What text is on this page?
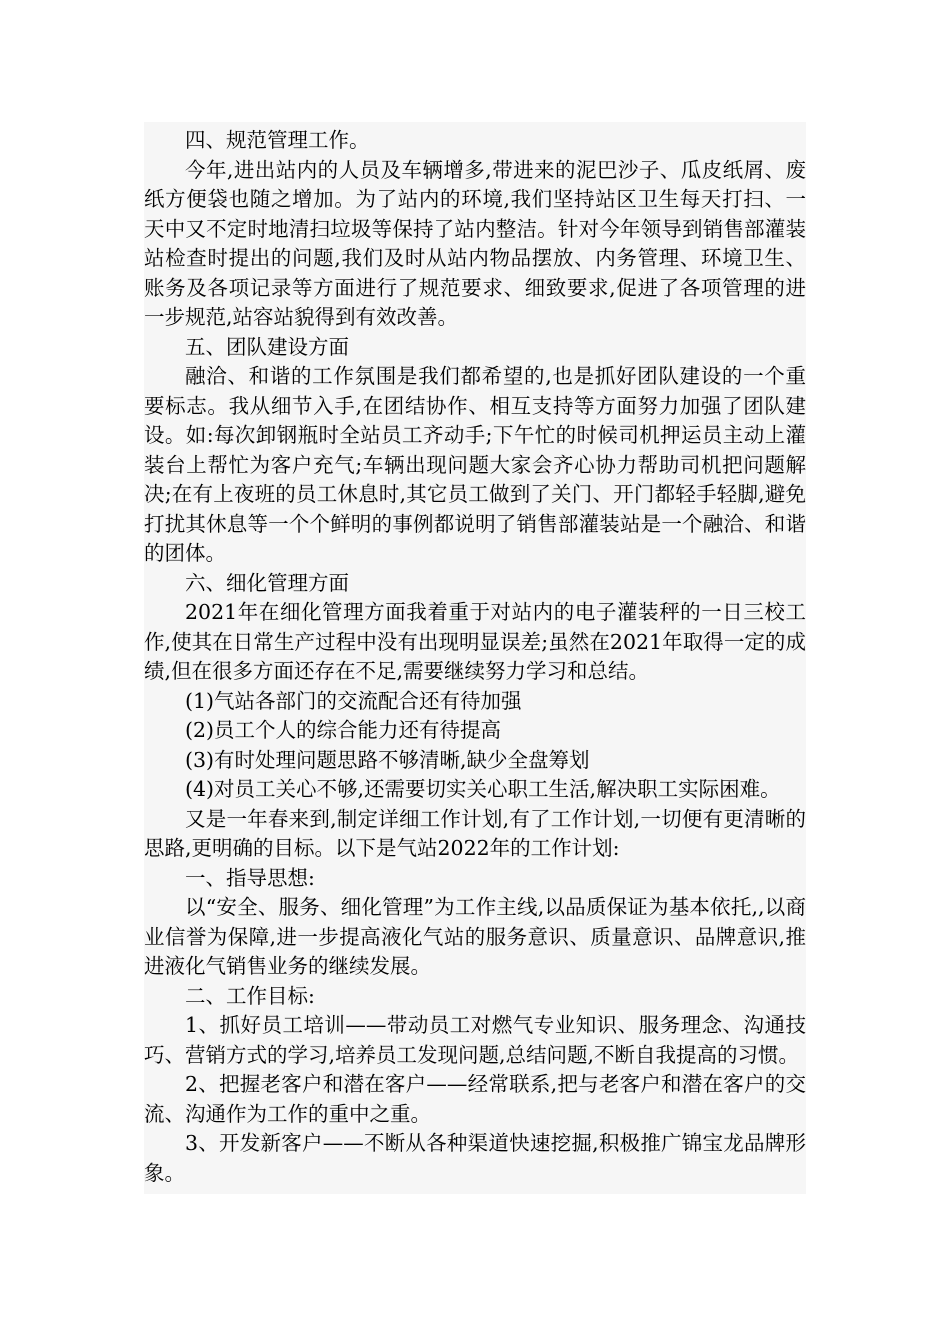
四、规范管理工作。

今年,进出站内的人员及车辆增多,带进来的泥巴沙子、瓜皮纸屑、废纸方便袋也随之增加。为了站内的环境,我们坚持站区卫生每天打扫、一天中又不定时地清扫垃圾等保持了站内整洁。针对今年领导到销售部灌装站检查时提出的问题,我们及时从站内物品摆放、内务管理、环境卫生、账务及各项记录等方面进行了规范要求、细致要求,促进了各项管理的进一步规范,站容站貌得到有效改善。

五、团队建设方面

融洽、和谐的工作氛围是我们都希望的,也是抓好团队建设的一个重要标志。我从细节入手,在团结协作、相互支持等方面努力加强了团队建设。如:每次卸钢瓶时全站员工齐动手;下午忙的时候司机押运员主动上灌装台上帮忙为客户充气;车辆出现问题大家会齐心协力帮助司机把问题解决;在有上夜班的员工休息时,其它员工做到了关门、开门都轻手轻脚,避免打扰其休息等一个个鲜明的事例都说明了销售部灌装站是一个融洽、和谐的团体。

六、细化管理方面

2021年在细化管理方面我着重于对站内的电子灌装秤的一日三校工作,使其在日常生产过程中没有出现明显误差;虽然在2021年取得一定的成绩,但在很多方面还存在不足,需要继续努力学习和总结。

(1)气站各部门的交流配合还有待加强

(2)员工个人的综合能力还有待提高

(3)有时处理问题思路不够清晰,缺少全盘筹划

(4)对员工关心不够,还需要切实关心职工生活,解决职工实际困难。

又是一年春来到,制定详细工作计划,有了工作计划,一切便有更清晰的思路,更明确的目标。以下是气站2022年的工作计划:

一、指导思想:

以“安全、服务、细化管理”为工作主线,以品质保证为基本依托,,以商业信誉为保障,进一步提高液化气站的服务意识、质量意识、品牌意识,推进液化气销售业务的继续发展。

二、工作目标:

1、抓好员工培训——带动员工对燃气专业知识、服务理念、沟通技巧、营销方式的学习,培养员工发现问题,总结问题,不断自我提高的习惯。

2、把握老客户和潜在客户——经常联系,把与老客户和潜在客户的交流、沟通作为工作的重中之重。

3、开发新客户——不断从各种渠道快速挖掘,积极推广锦宝龙品牌形象。
